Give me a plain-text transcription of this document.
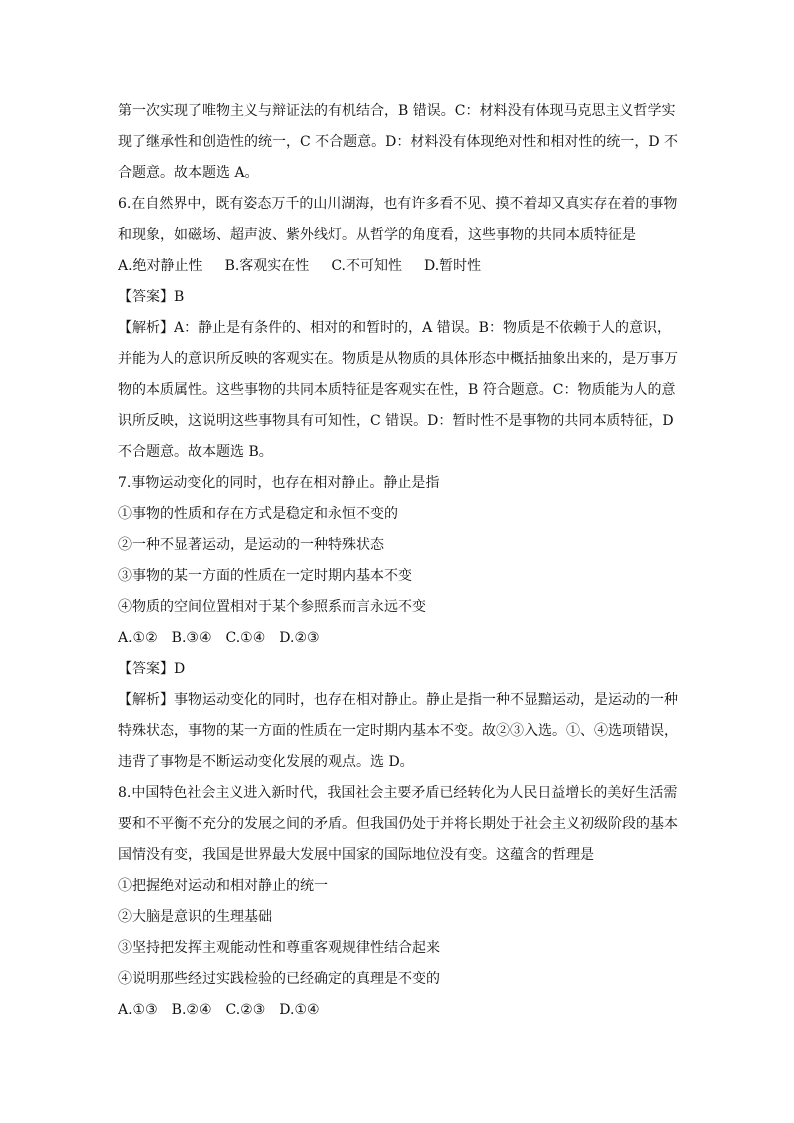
第一次实现了唯物主义与辩证法的有机结合，B 错误。C：材料没有体现马克思主义哲学实
现了继承性和创造性的统一，C 不合题意。D：材料没有体现绝对性和相对性的统一，D 不
合题意。故本题选 A。
6.在自然界中，既有姿态万千的山川湖海，也有许多看不见、摸不着却又真实存在着的事物
和现象，如磁场、超声波、紫外线灯。从哲学的角度看，这些事物的共同本质特征是
A.绝对静止性 B.客观实在性 C.不可知性 D.暂时性
【答案】B
【解析】A：静止是有条件的、相对的和暂时的，A 错误。B：物质是不依赖于人的意识，
并能为人的意识所反映的客观实在。物质是从物质的具体形态中概括抽象出来的，是万事万
物的本质属性。这些事物的共同本质特征是客观实在性，B 符合题意。C：物质能为人的意
识所反映，这说明这些事物具有可知性，C 错误。D：暂时性不是事物的共同本质特征，D
不合题意。故本题选 B。
7.事物运动变化的同时，也存在相对静止。静止是指
①事物的性质和存在方式是稳定和永恒不变的
②一种不显著运动，是运动的一种特殊状态
③事物的某一方面的性质在一定时期内基本不变
④物质的空间位置相对于某个参照系而言永远不变
A.①② B.③④ C.①④ D.②③
【答案】D
【解析】事物运动变化的同时，也存在相对静止。静止是指一种不显黯运动，是运动的一种
特殊状态，事物的某一方面的性质在一定时期内基本不变。故②③入选。①、④选项错误，
违背了事物是不断运动变化发展的观点。选 D。
8.中国特色社会主义进入新时代，我国社会主要矛盾已经转化为人民日益增长的美好生活需
要和不平衡不充分的发展之间的矛盾。但我国仍处于并将长期处于社会主义初级阶段的基本
国情没有变，我国是世界最大发展中国家的国际地位没有变。这蕴含的哲理是
①把握绝对运动和相对静止的统一
②大脑是意识的生理基础
③坚持把发挥主观能动性和尊重客观规律性结合起来
④说明那些经过实践检验的已经确定的真理是不变的
A.①③ B.②④ C.②③ D.①④
